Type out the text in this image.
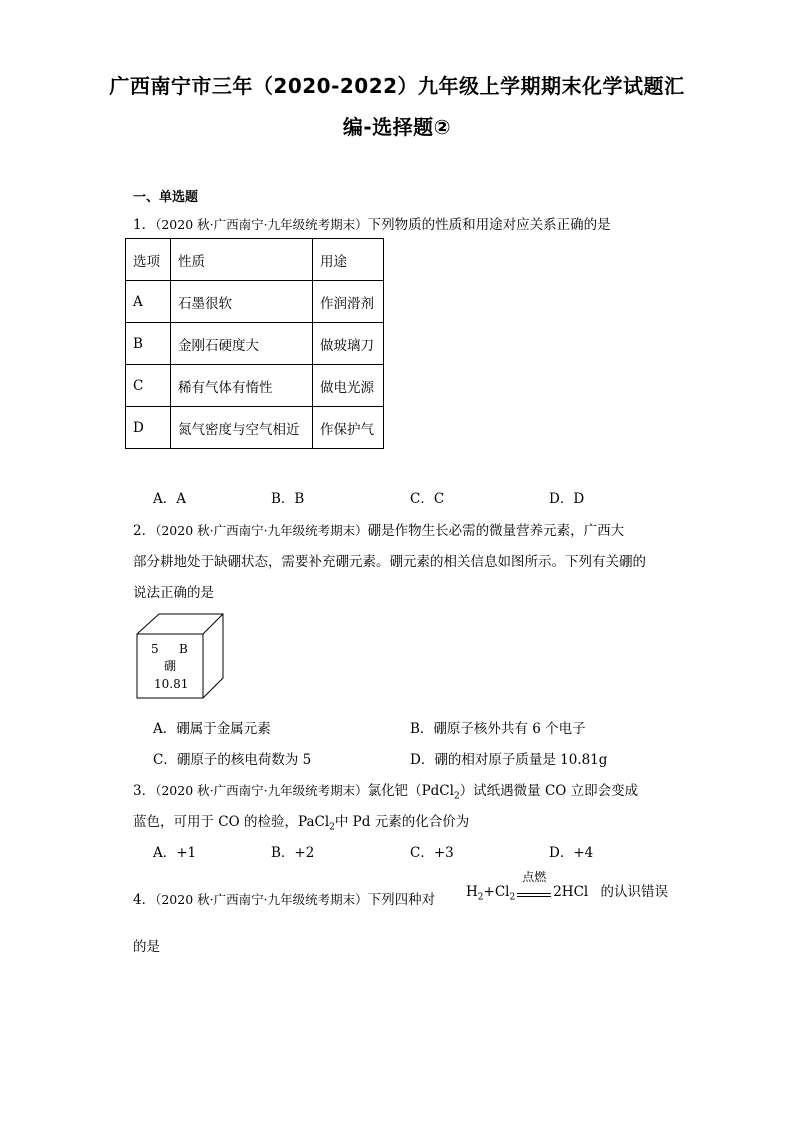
广西南宁市三年（2020-2022）九年级上学期期末化学试题汇
编-选择题②
一、单选题
1．（2020 秋·广西南宁·九年级统考期末）下列物质的性质和用途对应关系正确的是
选项	性质	用途
A	石墨很软	作润滑剂
B	金刚石硬度大	做玻璃刀
C	稀有气体有惰性	做电光源
D	氮气密度与空气相近	作保护气
A．A	B．B	C．C	D．D
2．（2020 秋·广西南宁·九年级统考期末）硼是作物生长必需的微量营养元素，广西大
部分耕地处于缺硼状态，需要补充硼元素。硼元素的相关信息如图所示。下列有关硼的
说法正确的是
5 B
硼
10.81
A．硼属于金属元素	B．硼原子核外共有 6 个电子
C．硼原子的核电荷数为 5	D．硼的相对原子质量是 10.81g
3．（2020 秋·广西南宁·九年级统考期末）氯化钯（PdCl$_2$）试纸遇微量 CO 立即会变成
蓝色，可用于 CO 的检验，PaCl$_2$中 Pd 元素的化合价为
A．+1	B．+2	C．+3	D．+4
4．（2020 秋·广西南宁·九年级统考期末）下列四种对 $H_2+Cl_2$
点燃
2HCl 的认识错误
的是
